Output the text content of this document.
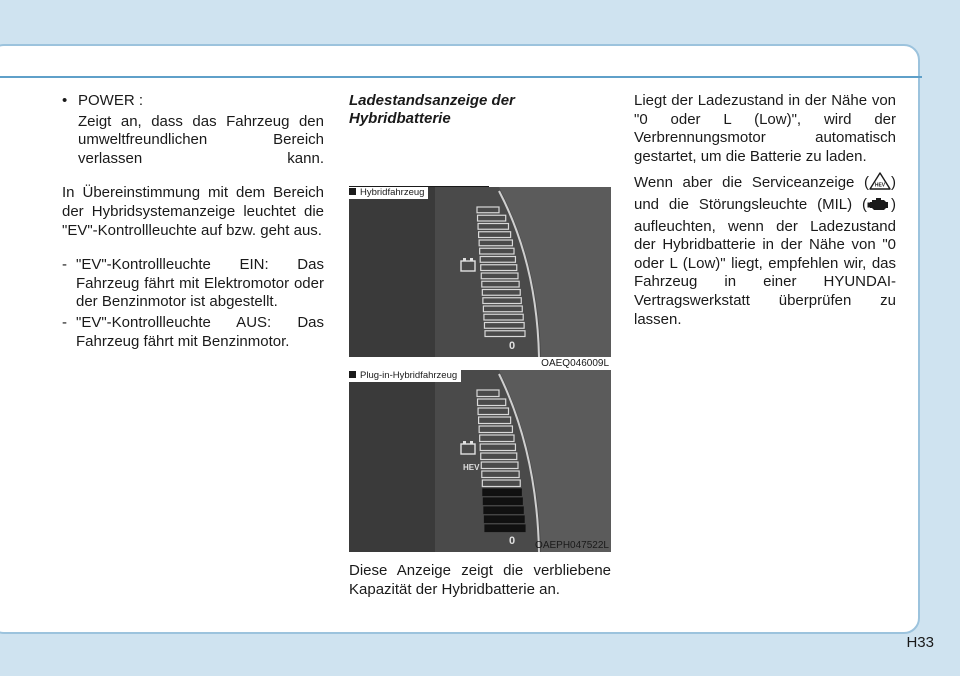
• POWER :

Zeigt an, dass das Fahrzeug den umweltfreundlichen Bereich verlassen kann.

In Übereinstimmung mit dem Bereich der Hybridsystemanzeige leuchtet die "EV"-Kontrollleuchte auf bzw. geht aus.

- "EV"-Kontrollleuchte EIN: Das Fahrzeug fährt mit Elektromotor oder der Benzinmotor ist abgestellt.
- "EV"-Kontrollleuchte AUS: Das Fahrzeug fährt mit Benzinmotor.
Ladestandsanzeige der Hybridbatterie
0
Hybridfahrzeug
OAEQ046009L
0
HEV
Plug-in-Hybridfahrzeug
OAEPH047522L

Diese Anzeige zeigt die verbliebene Kapazität der Hybridbatterie an.

Liegt der Ladezustand in der Nähe von "0 oder L (Low)", wird der Verbrennungsmotor automatisch gestartet, um die Batterie zu laden.

Wenn aber die Serviceanzeige ( HEV ) und die Störungsleuchte (MIL) ( ) aufleuchten, wenn der Ladezustand der Hybridbatterie in der Nähe von "0 oder L (Low)" liegt, empfehlen wir, das Fahrzeug in einer HYUNDAI-Vertragswerkstatt überprüfen zu lassen.

H33
